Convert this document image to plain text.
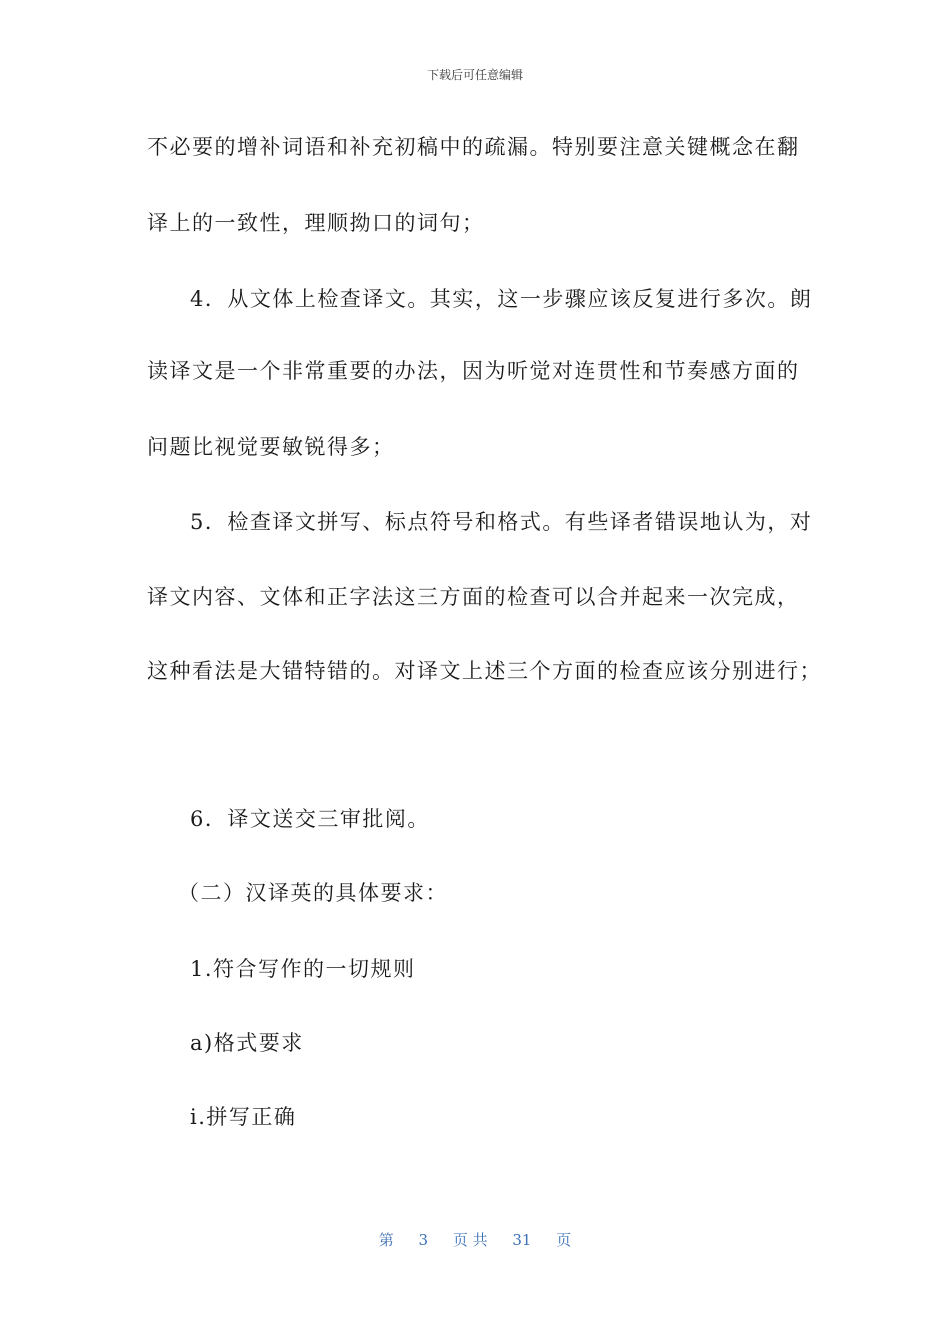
下载后可任意编辑
不必要的增补词语和补充初稿中的疏漏。特别要注意关键概念在翻
译上的一致性，理顺拗口的词句；
4．从文体上检查译文。其实，这一步骤应该反复进行多次。朗
读译文是一个非常重要的办法，因为听觉对连贯性和节奏感方面的
问题比视觉要敏锐得多；
5．检查译文拼写、标点符号和格式。有些译者错误地认为，对
译文内容、文体和正字法这三方面的检查可以合并起来一次完成，
这种看法是大错特错的。对译文上述三个方面的检查应该分别进行；
6．译文送交三审批阅。
（二）汉译英的具体要求：
1.符合写作的一切规则
a)格式要求
i.拼写正确
第 3 页 共 31 页
